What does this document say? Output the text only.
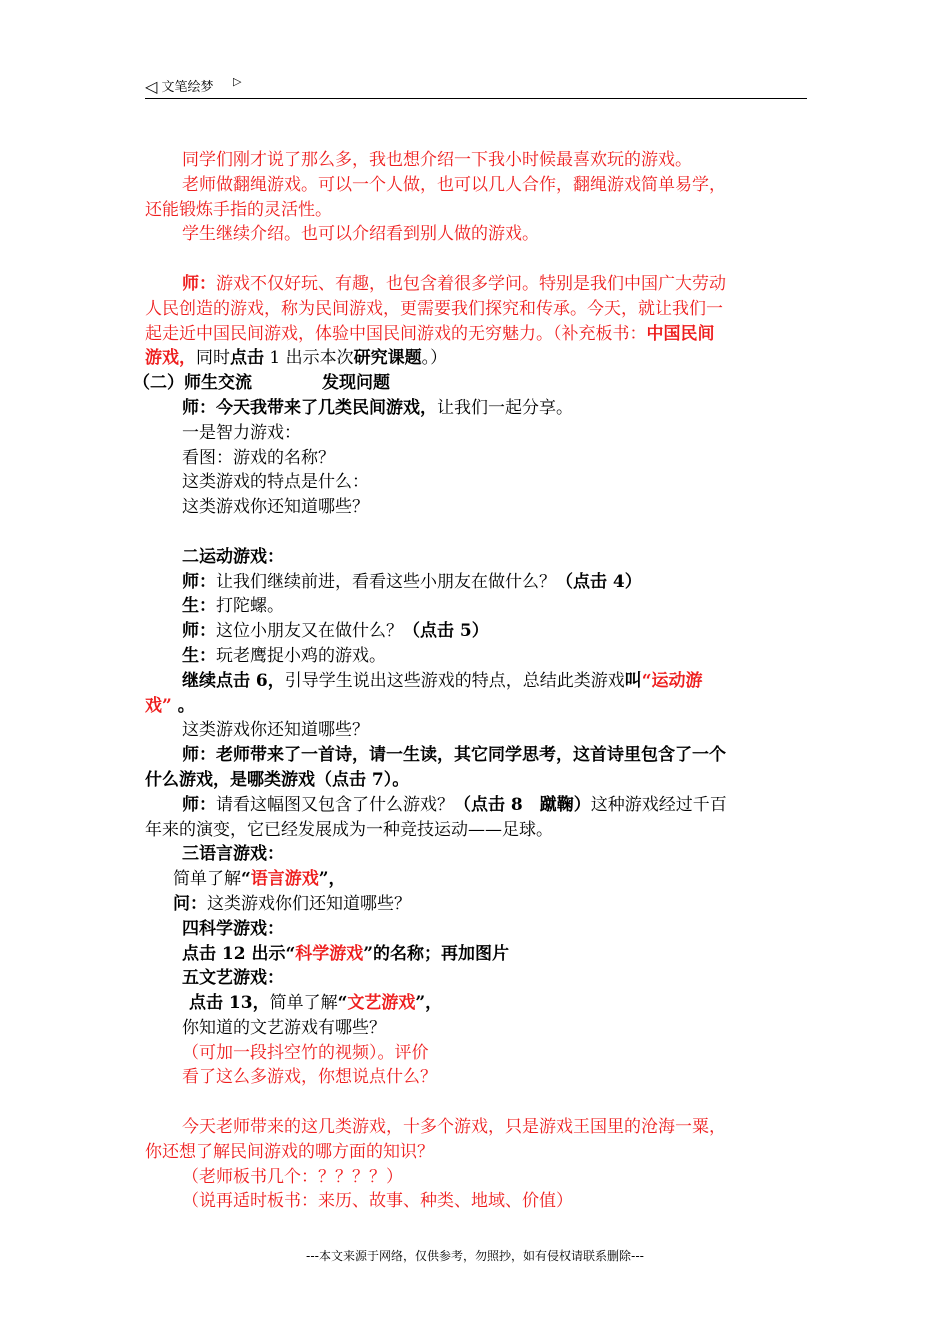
◁ 文笔绘梦 ▷
同学们刚才说了那么多，我也想介绍一下我小时候最喜欢玩的游戏。
老师做翻绳游戏。可以一个人做，也可以几人合作，翻绳游戏简单易学，
还能锻炼手指的灵活性。
学生继续介绍。也可以介绍看到别人做的游戏。
师：游戏不仅好玩、有趣，也包含着很多学问。特别是我们中国广大劳动
人民创造的游戏，称为民间游戏，更需要我们探究和传承。今天，就让我们一
起走近中国民间游戏，体验中国民间游戏的无穷魅力。（补充板书：中国民间
游戏，同时点击 1 出示本次研究课题。）
（二）师生交流	发现问题
师：今天我带来了几类民间游戏，让我们一起分享。
一是智力游戏：
看图：游戏的名称？
这类游戏的特点是什么：
这类游戏你还知道哪些？
二运动游戏：
师：让我们继续前进，看看这些小朋友在做什么？（点击 4）
生：打陀螺。
师：这位小朋友又在做什么？（点击 5）
生：玩老鹰捉小鸡的游戏。
继续点击 6，引导学生说出这些游戏的特点，总结此类游戏叫“运动游
戏” 。
这类游戏你还知道哪些？
师：老师带来了一首诗，请一生读，其它同学思考，这首诗里包含了一个
什么游戏，是哪类游戏（点击 7）。
师：请看这幅图又包含了什么游戏？（点击 8　蹴鞠）这种游戏经过千百
年来的演变，它已经发展成为一种竞技运动——足球。
三语言游戏：
简单了解“语言游戏”，
问：这类游戏你们还知道哪些？
四科学游戏：
点击 12 出示“科学游戏”的名称；再加图片
五文艺游戏：
点击 13，简单了解“文艺游戏”，
你知道的文艺游戏有哪些？
（可加一段抖空竹的视频）。评价
看了这么多游戏，你想说点什么？
今天老师带来的这几类游戏，十多个游戏，只是游戏王国里的沧海一粟，
你还想了解民间游戏的哪方面的知识？
（老师板书几个：？？？？）
（说再适时板书：来历、故事、种类、地域、价值）
---本文来源于网络，仅供参考，勿照抄，如有侵权请联系删除---
